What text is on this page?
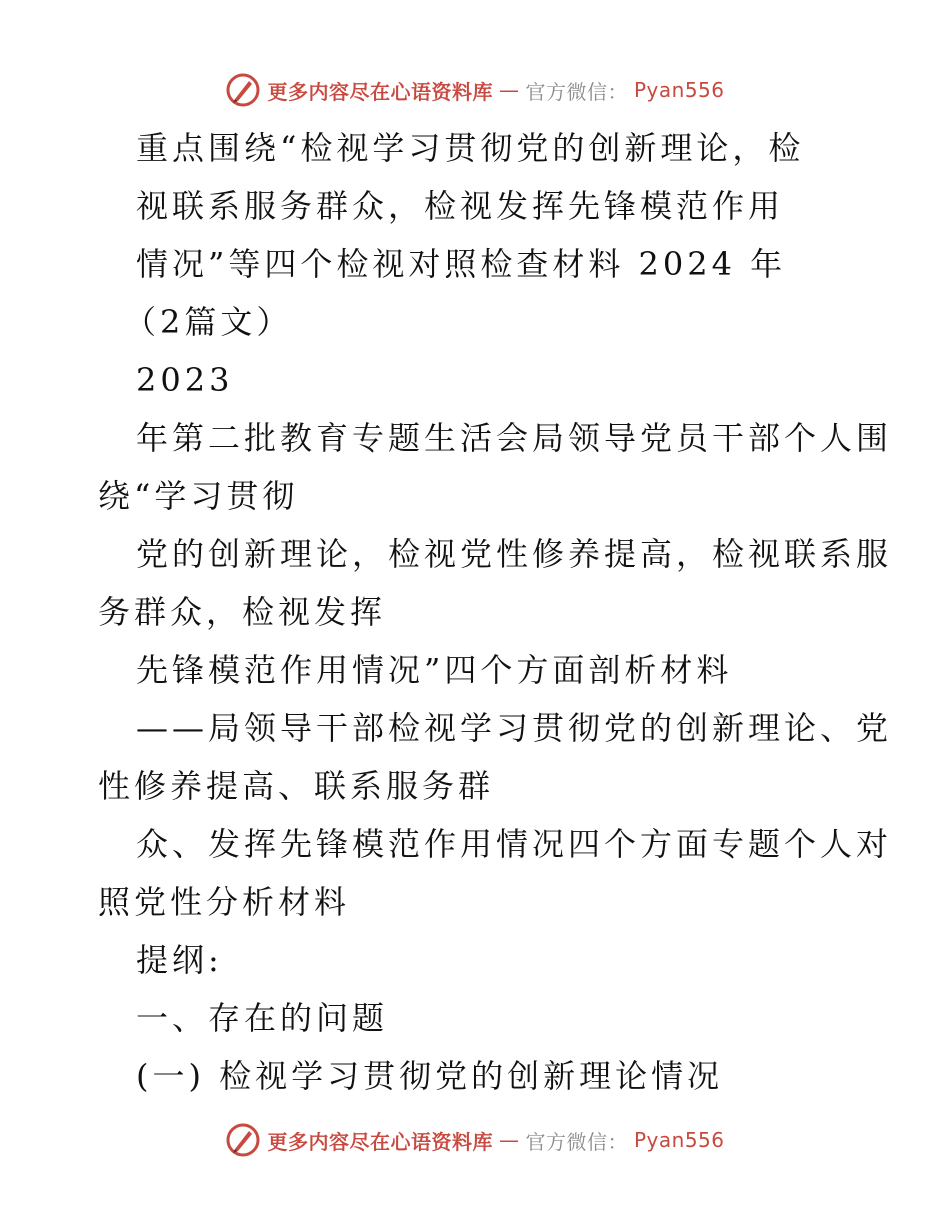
更多内容尽在心语资料库 — 官方微信： Pyan556
重点围绕“检视学习贯彻党的创新理论，检
视联系服务群众，检视发挥先锋模范作用
情况”等四个检视对照检查材料 2024 年
（2篇文）
2023
年第二批教育专题生活会局领导党员干部个人围
绕“学习贯彻
党的创新理论，检视党性修养提高，检视联系服
务群众，检视发挥
先锋模范作用情况”四个方面剖析材料
——局领导干部检视学习贯彻党的创新理论、党
性修养提高、联系服务群
众、发挥先锋模范作用情况四个方面专题个人对
照党性分析材料
提纲:
一、存在的问题
(一) 检视学习贯彻党的创新理论情况
更多内容尽在心语资料库 — 官方微信： Pyan556
